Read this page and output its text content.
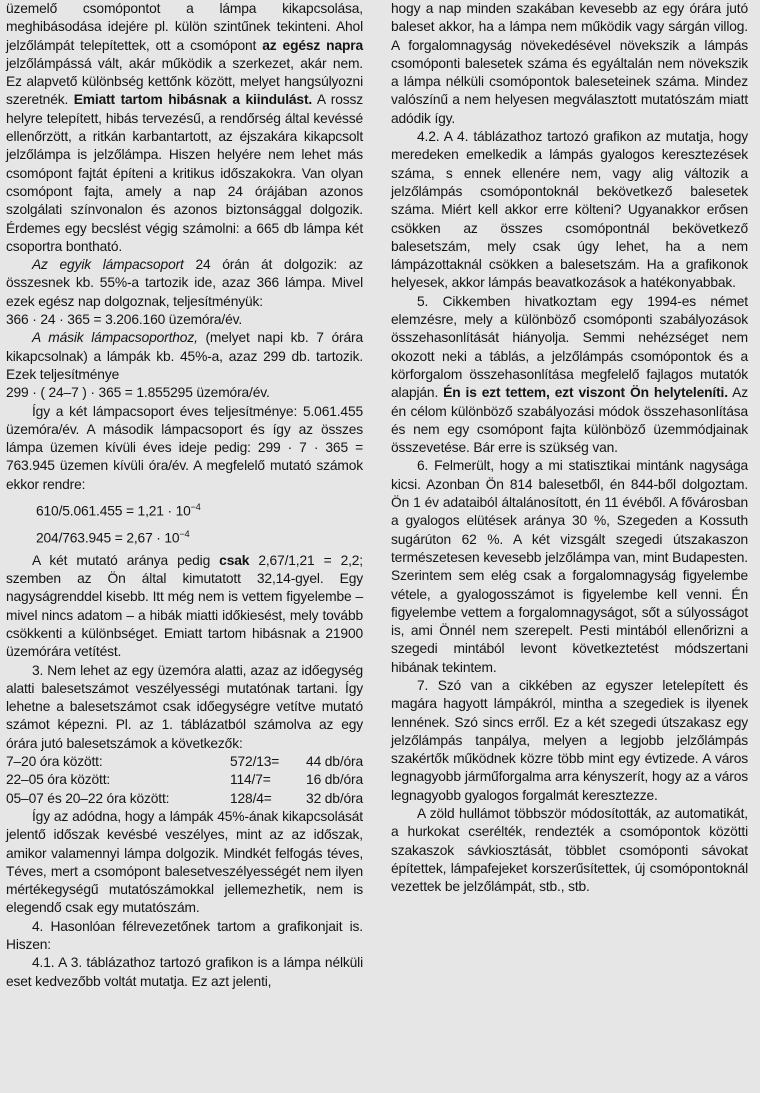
üzemelő csomópontot a lámpa kikapcsolása, meghibásodása idejére pl. külön szintűnek tekinteni. Ahol jelzőlámpát telepítettek, ott a csomópont az egész napra jelzőlámpássá vált, akár működik a szerkezet, akár nem. Ez alapvető különbség kettőnk között, melyet hangsúlyozni szeretnék. Emiatt tartom hibásnak a kiindulást. A rossz helyre telepített, hibás tervezésű, a rendőrség által kevéssé ellenőrzött, a ritkán karbantartott, az éjszakára kikapcsolt jelzőlámpa is jelzőlámpa. Hiszen helyére nem lehet más csomópont fajtát építeni a kritikus időszakokra. Van olyan csomópont fajta, amely a nap 24 órájában azonos szolgálati színvonalon és azonos biztonsággal dolgozik. Érdemes egy becslést végig számolni: a 665 db lámpa két csoportra bontható.

Az egyik lámpacsoport 24 órán át dolgozik: az összesnek kb. 55%-a tartozik ide, azaz 366 lámpa. Mivel ezek egész nap dolgoznak, teljesítményük:

366 · 24 · 365 = 3.206.160 üzemóra/év.

A másik lámpacsoporthoz, (melyet napi kb. 7 órára kikapcsolnak) a lámpák kb. 45%-a, azaz 299 db. tartozik. Ezek teljesítménye

299 · ( 24–7 ) · 365 = 1.855295 üzemóra/év.

Így a két lámpacsoport éves teljesítménye: 5.061.455 üzemóra/év. A második lámpacsoport és így az összes lámpa üzemen kívüli éves ideje pedig: 299 · 7 · 365 = 763.945 üzemen kívüli óra/év. A megfelelő mutató számok ekkor rendre:

$610/5.061.455 = 1,21 \cdot 10^{-4}$
$204/763.945 = 2,67 \cdot 10^{-4}$

A két mutató aránya pedig csak 2,67/1,21 = 2,2; szemben az Ön által kimutatott 32,14-gyel. Egy nagyságrenddel kisebb. Itt még nem is vettem figyelembe – mivel nincs adatom – a hibák miatti időkiesést, mely tovább csökkenti a különbséget. Emiatt tartom hibásnak a 21900 üzemórára vetítést.

3. Nem lehet az egy üzemóra alatti, azaz az időegység alatti balesetszámot veszélyességi mutatónak tartani. Így lehetne a balesetszámot csak időegységre vetítve mutató számot képezni. Pl. az 1. táblázatból számolva az egy órára jutó balesetszámok a következők:

7–20 óra között:	572/13=	44 db/óra
22–05 óra között:	114/7=	16 db/óra
05–07 és 20–22 óra között:	128/4=	32 db/óra

Így az adódna, hogy a lámpák 45%-ának kikapcsolását jelentő időszak kevésbé veszélyes, mint az az időszak, amikor valamennyi lámpa dolgozik. Mindkét felfogás téves, Téves, mert a csomópont balesetveszélyességét nem ilyen mértékegységű mutatószámokkal jellemezhetik, nem is elegendő csak egy mutatószám.

4. Hasonlóan félrevezetőnek tartom a grafikonjait is. Hiszen:

4.1. A 3. táblázathoz tartozó grafikon is a lámpa nélküli eset kedvezőbb voltát mutatja. Ez azt jelenti,

hogy a nap minden szakában kevesebb az egy órára jutó baleset akkor, ha a lámpa nem működik vagy sárgán villog. A forgalomnagyság növekedésével növekszik a lámpás csomóponti balesetek száma és egyáltalán nem növekszik a lámpa nélküli csomópontok baleseteinek száma. Mindez valószínű a nem helyesen megválasztott mutatószám miatt adódik így.

4.2. A 4. táblázathoz tartozó grafikon az mutatja, hogy meredeken emelkedik a lámpás gyalogos keresztezések száma, s ennek ellenére nem, vagy alig változik a jelzőlámpás csomópontoknál bekövetkező balesetek száma. Miért kell akkor erre költeni? Ugyanakkor erősen csökken az összes csomópontnál bekövetkező balesetszám, mely csak úgy lehet, ha a nem lámpázottaknál csökken a balesetszám. Ha a grafikonok helyesek, akkor lámpás beavatkozások a hatékonyabbak.

5. Cikkemben hivatkoztam egy 1994-es német elemzésre, mely a különböző csomóponti szabályozások összehasonlítását hiányolja. Semmi nehézséget nem okozott neki a táblás, a jelzőlámpás csomópontok és a körforgalom összehasonlítása megfelelő fajlagos mutatók alapján. Én is ezt tettem, ezt viszont Ön helyteleníti. Az én célom különböző szabályozási módok összehasonlítása és nem egy csomópont fajta különböző üzemmódjainak összevetése. Bár erre is szükség van.

6. Felmerült, hogy a mi statisztikai mintánk nagysága kicsi. Azonban Ön 814 balesetből, én 844-ből dolgoztam. Ön 1 év adataiból általánosított, én 11 évéből. A fővárosban a gyalogos elütések aránya 30 %, Szegeden a Kossuth sugárúton 62 %. A két vizsgált szegedi útszakaszon természetesen kevesebb jelzőlámpa van, mint Budapesten. Szerintem sem elég csak a forgalomnagyság figyelembe vétele, a gyalogosszámot is figyelembe kell venni. Én figyelembe vettem a forgalomnagyságot, sőt a súlyosságot is, ami Önnél nem szerepelt. Pesti mintából ellenőrizni a szegedi mintából levont következtetést módszertani hibának tekintem.

7. Szó van a cikkében az egyszer letelepített és magára hagyott lámpákról, mintha a szegediek is ilyenek lennének. Szó sincs erről. Ez a két szegedi útszakasz egy jelzőlámpás tanpálya, melyen a legjobb jelzőlámpás szakértők működnek közre több mint egy évtizede. A város legnagyobb járműforgalma arra kényszerít, hogy az a város legnagyobb gyalogos forgalmát keresztezze.

A zöld hullámot többször módosították, az automatikát, a hurkokat cserélték, rendezték a csomópontok közötti szakaszok sávkiosztását, többlet csomóponti sávokat építettek, lámpafejeket korszerűsítettek, új csomópontoknál vezettek be jelzőlámpát, stb., stb.
